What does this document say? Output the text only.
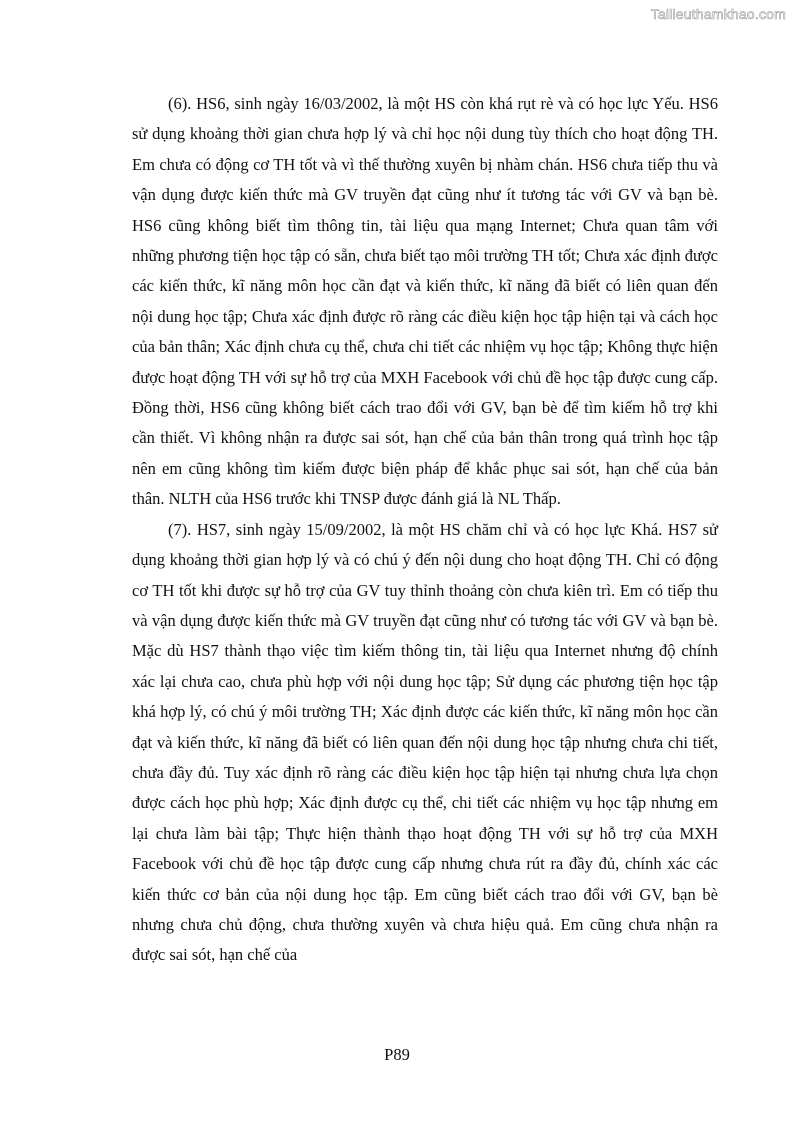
Tailieuthamkhao.com

(6). HS6, sinh ngày 16/03/2002, là một HS còn khá rụt rè và có học lực Yếu. HS6 sử dụng khoảng thời gian chưa hợp lý và chỉ học nội dung tùy thích cho hoạt động TH. Em chưa có động cơ TH tốt và vì thế thường xuyên bị nhàm chán. HS6 chưa tiếp thu và vận dụng được kiến thức mà GV truyền đạt cũng như ít tương tác với GV và bạn bè. HS6 cũng không biết tìm thông tin, tài liệu qua mạng Internet; Chưa quan tâm với những phương tiện học tập có sẵn, chưa biết tạo môi trường TH tốt; Chưa xác định được các kiến thức, kĩ năng môn học cần đạt và kiến thức, kĩ năng đã biết có liên quan đến nội dung học tập; Chưa xác định được rõ ràng các điều kiện học tập hiện tại và cách học của bản thân; Xác định chưa cụ thể, chưa chi tiết các nhiệm vụ học tập; Không thực hiện được hoạt động TH với sự hỗ trợ của MXH Facebook với chủ đề học tập được cung cấp. Đồng thời, HS6 cũng không biết cách trao đổi với GV, bạn bè để tìm kiếm hỗ trợ khi cần thiết. Vì không nhận ra được sai sót, hạn chế của bản thân trong quá trình học tập nên em cũng không tìm kiếm được biện pháp để khắc phục sai sót, hạn chế của bản thân. NLTH của HS6 trước khi TNSP được đánh giá là NL Thấp.

(7). HS7, sinh ngày 15/09/2002, là một HS chăm chỉ và có học lực Khá. HS7 sử dụng khoảng thời gian hợp lý và có chú ý đến nội dung cho hoạt động TH. Chỉ có động cơ TH tốt khi được sự hỗ trợ của GV tuy thỉnh thoảng còn chưa kiên trì. Em có tiếp thu và vận dụng được kiến thức mà GV truyền đạt cũng như có tương tác với GV và bạn bè. Mặc dù HS7 thành thạo việc tìm kiếm thông tin, tài liệu qua Internet nhưng độ chính xác lại chưa cao, chưa phù hợp với nội dung học tập; Sử dụng các phương tiện học tập khá hợp lý, có chú ý môi trường TH; Xác định được các kiến thức, kĩ năng môn học cần đạt và kiến thức, kĩ năng đã biết có liên quan đến nội dung học tập nhưng chưa chi tiết, chưa đầy đủ. Tuy xác định rõ ràng các điều kiện học tập hiện tại nhưng chưa lựa chọn được cách học phù hợp; Xác định được cụ thể, chi tiết các nhiệm vụ học tập nhưng em lại chưa làm bài tập; Thực hiện thành thạo hoạt động TH với sự hỗ trợ của MXH Facebook với chủ đề học tập được cung cấp nhưng chưa rút ra đầy đủ, chính xác các kiến thức cơ bản của nội dung học tập. Em cũng biết cách trao đổi với GV, bạn bè nhưng chưa chủ động, chưa thường xuyên và chưa hiệu quả. Em cũng chưa nhận ra được sai sót, hạn chế của

P89
